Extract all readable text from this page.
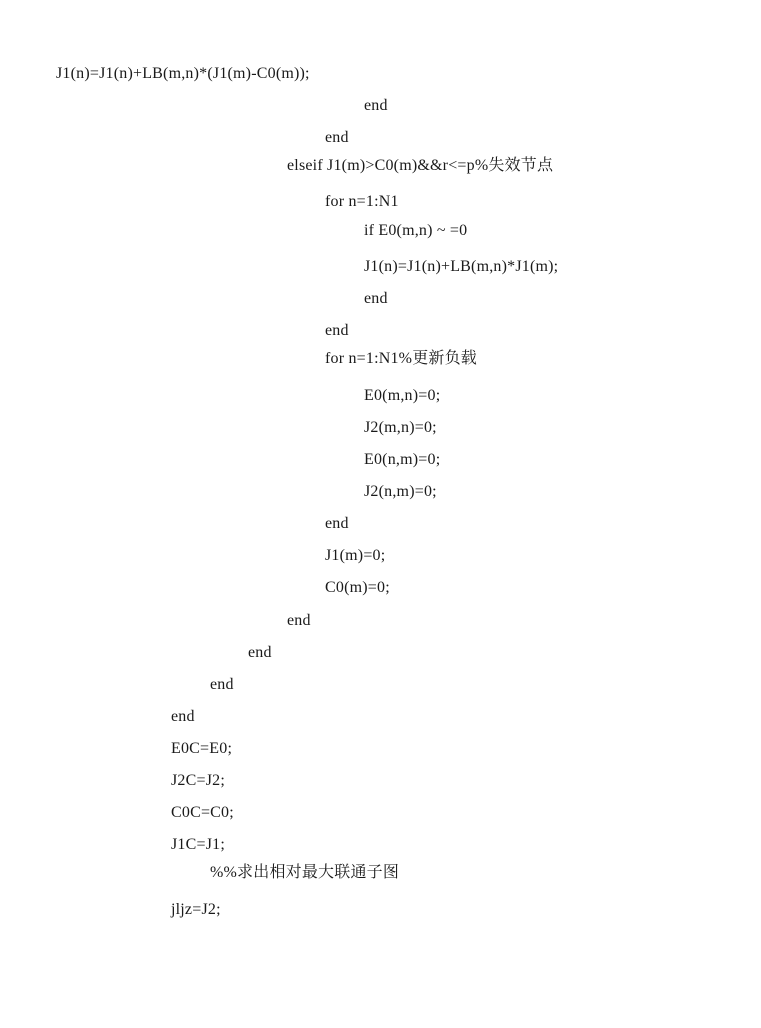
J1(n)=J1(n)+LB(m,n)*(J1(m)-C0(m));
end
end
elseif J1(m)>C0(m)&&r<=p%失效节点
for n=1:N1
if E0(m,n) ~ =0
J1(n)=J1(n)+LB(m,n)*J1(m);
end
end
for n=1:N1%更新负载
E0(m,n)=0;
J2(m,n)=0;
E0(n,m)=0;
J2(n,m)=0;
end
J1(m)=0;
C0(m)=0;
end
end
end
end
E0C=E0;
J2C=J2;
C0C=C0;
J1C=J1;
%%求出相对最大联通子图
jljz=J2;
